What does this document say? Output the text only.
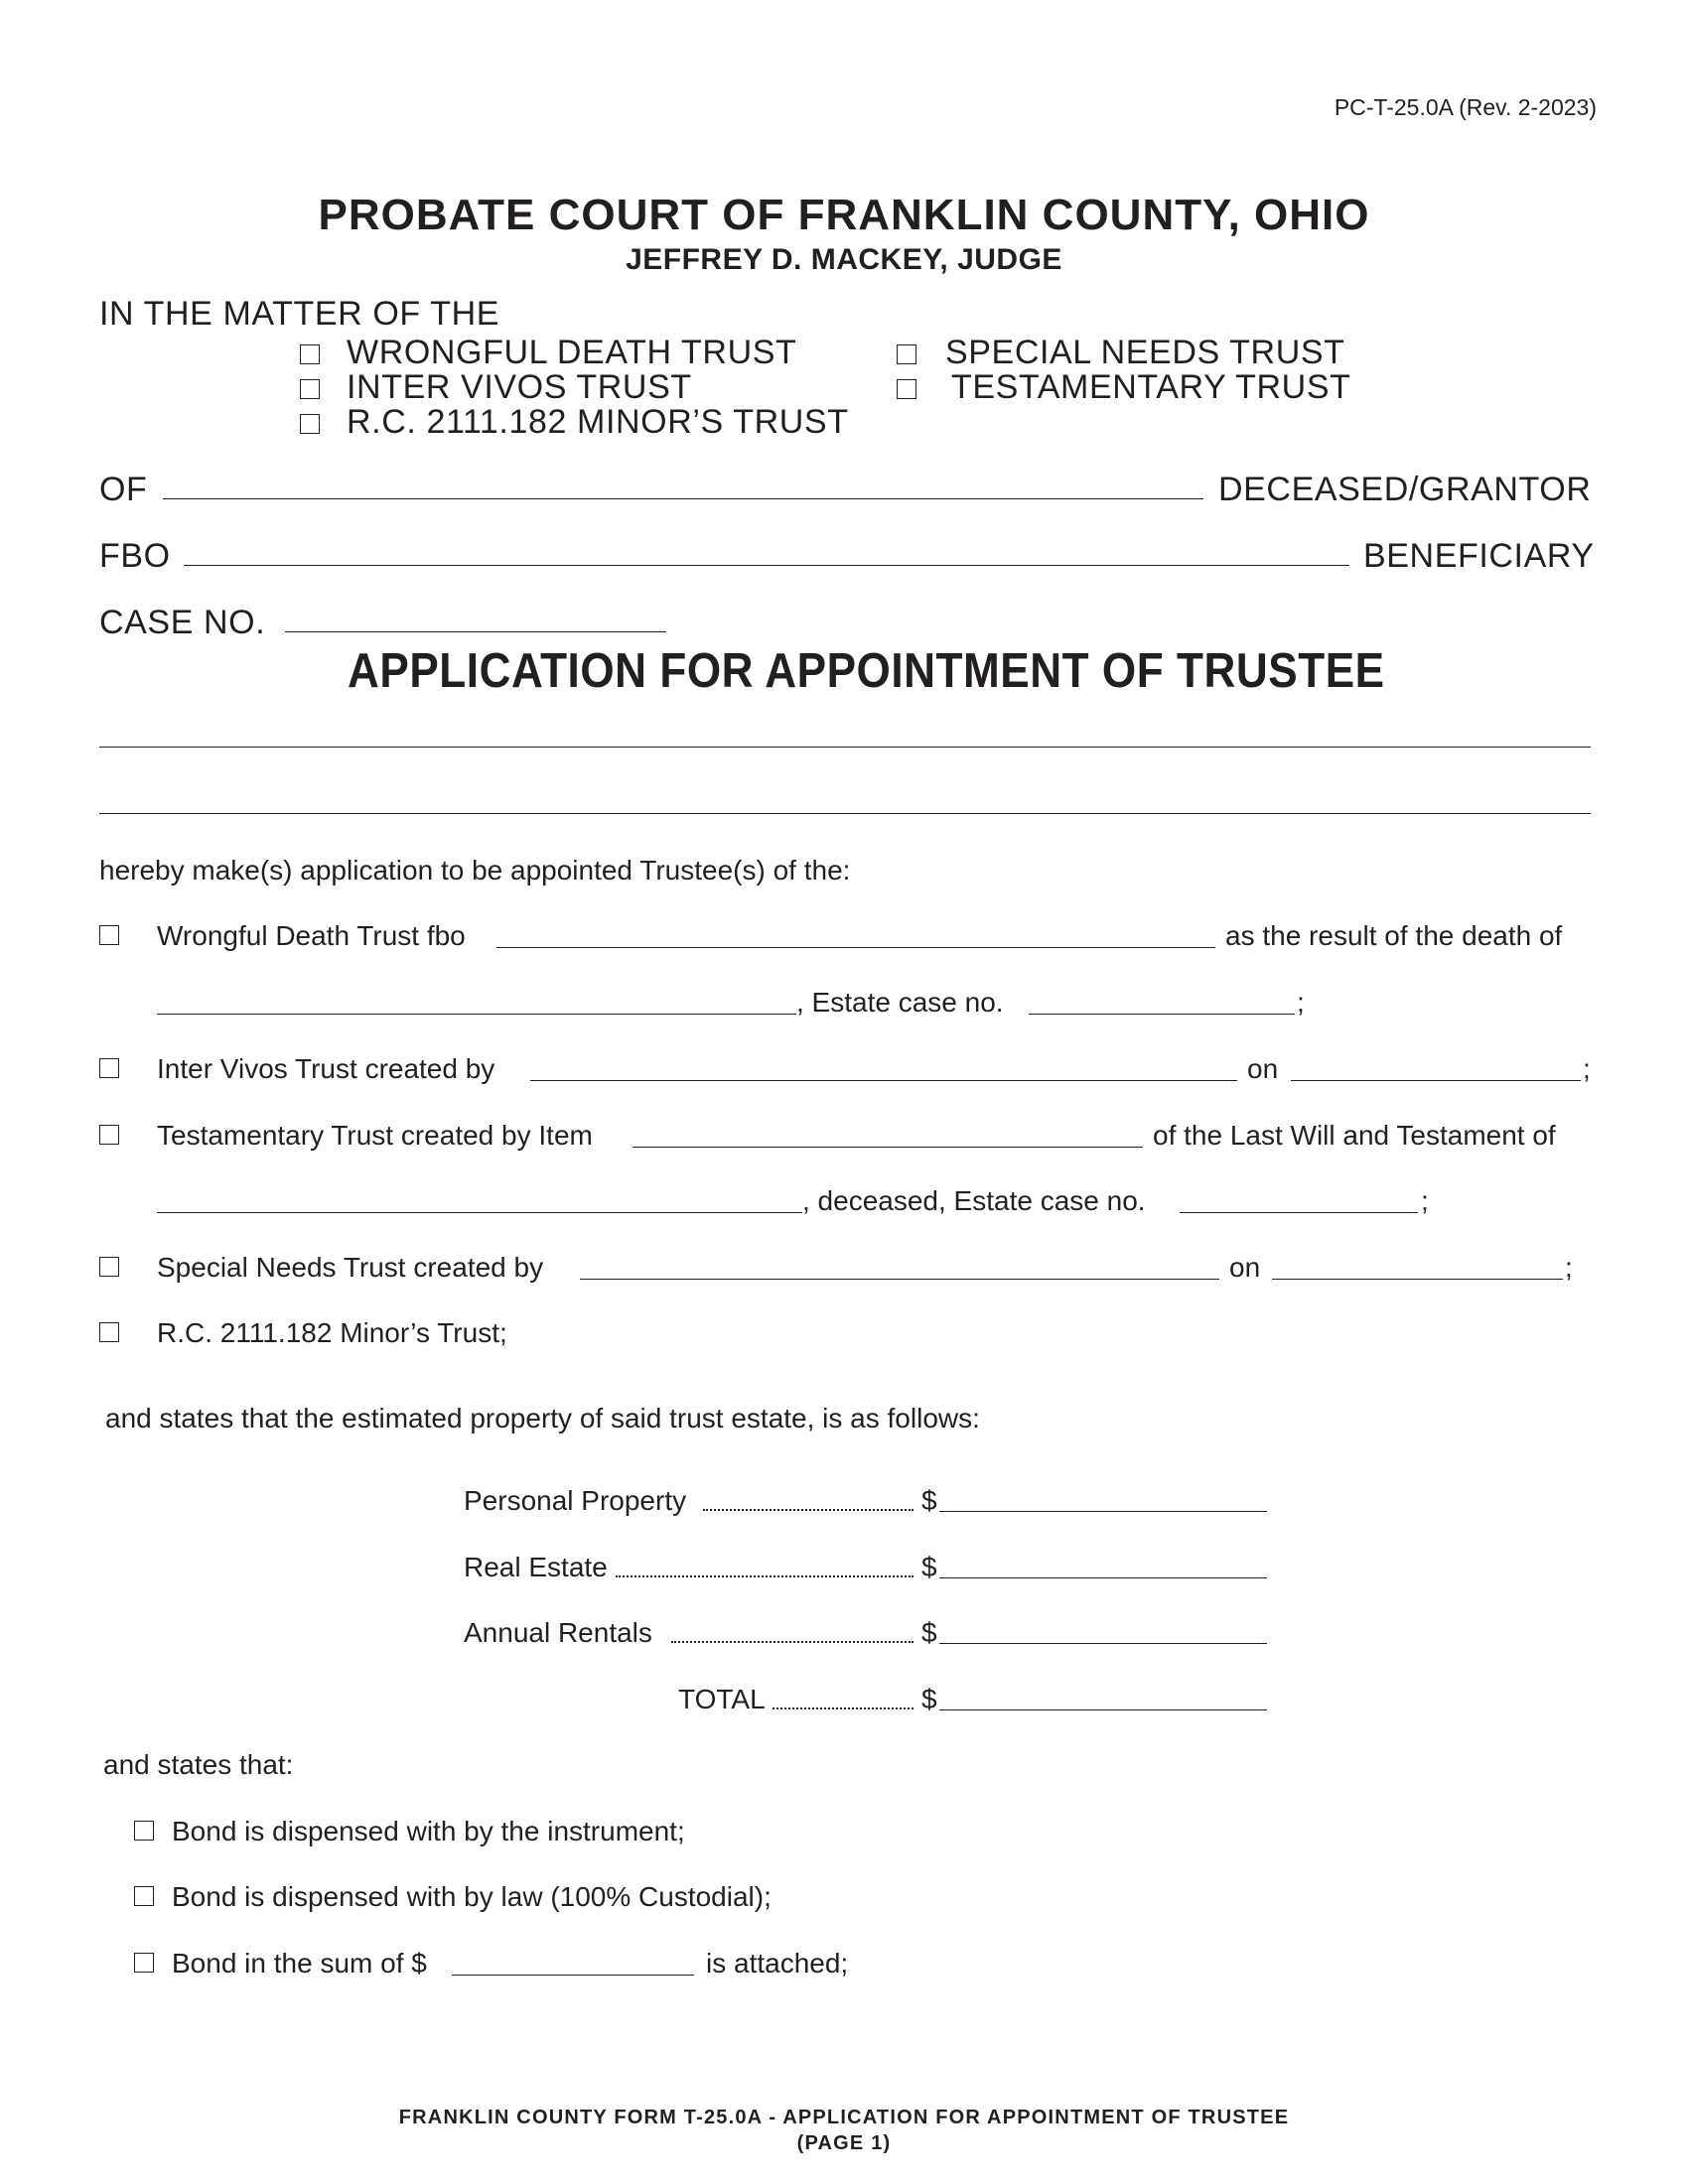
PC-T-25.0A (Rev. 2-2023)
PROBATE COURT OF FRANKLIN COUNTY, OHIO
JEFFREY D. MACKEY, JUDGE
IN THE MATTER OF THE
WRONGFUL DEATH TRUST
INTER VIVOS TRUST
R.C. 2111.182 MINOR’S TRUST
SPECIAL NEEDS TRUST
TESTAMENTARY TRUST
OF	DECEASED/GRANTOR
FBO	BENEFICIARY
CASE NO.
APPLICATION FOR APPOINTMENT OF TRUSTEE
hereby make(s) application to be appointed Trustee(s) of the:
Wrongful Death Trust fbo	as the result of the death of
, Estate case no.	;
Inter Vivos Trust created by	on	;
Testamentary Trust created by Item	of the Last Will and Testament of
, deceased, Estate case no.	;
Special Needs Trust created by	on	;
R.C. 2111.182 Minor’s Trust;
and states that the estimated property of said trust estate, is as follows:
Personal Property	$
Real Estate	$
Annual Rentals	$
TOTAL	$
and states that:
Bond is dispensed with by the instrument;
Bond is dispensed with by law (100% Custodial);
Bond in the sum of $	is attached;
FRANKLIN COUNTY FORM T-25.0A - APPLICATION FOR APPOINTMENT OF TRUSTEE
(PAGE 1)
